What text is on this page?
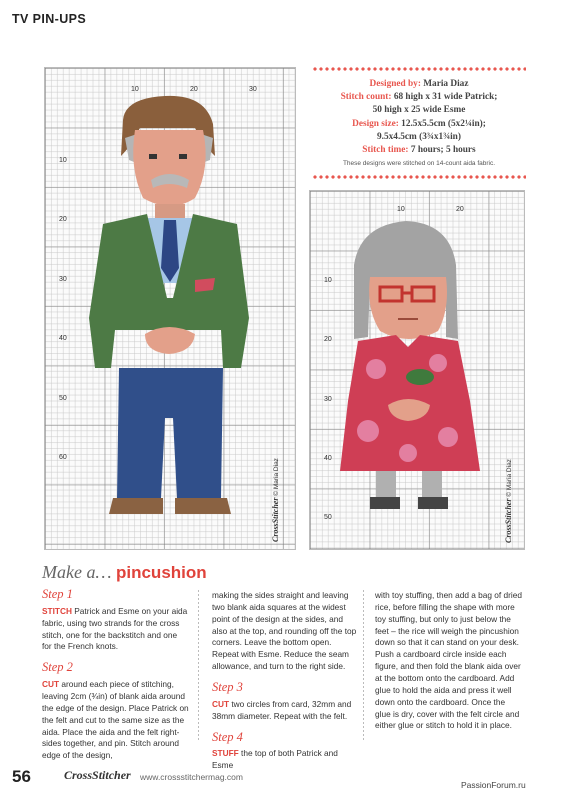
TV PIN-UPS
10	20	30
10
20
30
40
50
60
CrossStitcher © Maria Diaz
Designed by: Maria Diaz
Stitch count: 68 high x 31 wide Patrick;
50 high x 25 wide Esme
Design size: 12.5x5.5cm (5x2¼in);
9.5x4.5cm (3¾x1¾in)
Stitch time: 7 hours; 5 hours
These designs were stitched on 14-count aida fabric.
10	20
10
20
30
40
50	CrossStitcher © Maria Diaz
Make a… pincushion
Step 1

STITCH Patrick and Esme on your aida fabric, using two strands for the cross stitch, one for the backstitch and one for the French knots.

Step 2

CUT around each piece of stitching, leaving 2cm (¾in) of blank aida around the edge of the design. Place Patrick on the felt and cut to the same size as the aida. Place the aida and the felt right-sides together, and pin. Stitch around edge of the design,

making the sides straight and leaving two blank aida squares at the widest point of the design at the sides, and also at the top, and rounding off the top corners. Leave the bottom open. Repeat with Esme. Reduce the seam allowance, and turn to the right side.

Step 3

CUT two circles from card, 32mm and 38mm diameter. Repeat with the felt.

Step 4

STUFF the top of both Patrick and Esme

with toy stuffing, then add a bag of dried rice, before filling the shape with more toy stuffing, but only to just below the feet – the rice will weigh the pincushion down so that it can stand on your desk. Push a cardboard circle inside each figure, and then fold the blank aida over at the bottom onto the cardboard. Add glue to hold the aida and press it well down onto the cardboard. Once the glue is dry, cover with the felt circle and either glue or stitch to hold it in place.

56	CrossStitcher www.crossstitchermag.com
PassionForum.ru
